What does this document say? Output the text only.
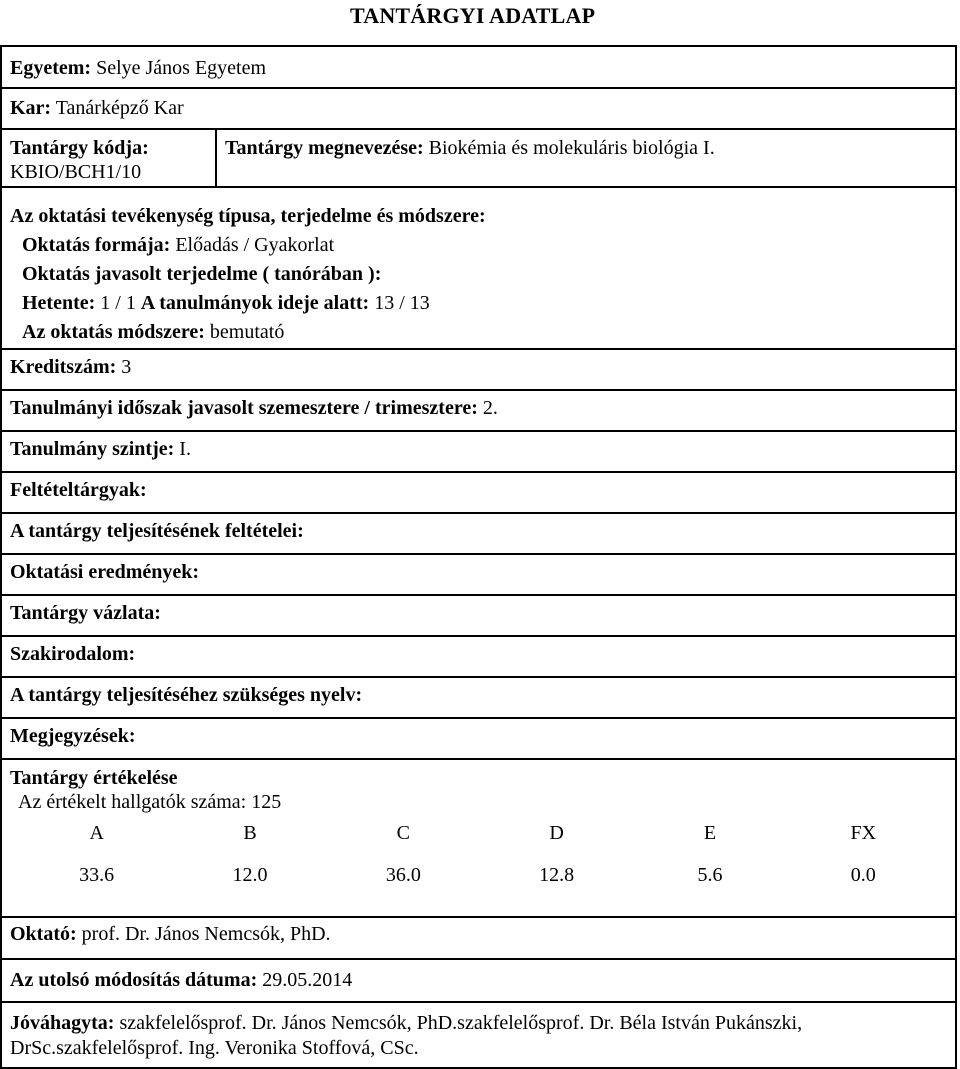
TANTÁRGYI ADATLAP
Egyetem: Selye János Egyetem
Kar: Tanárképző Kar
Tantárgy kódja:
KBIO/BCH1/10
Tantárgy megnevezése: Biokémia és molekuláris biológia I.
Az oktatási tevékenység típusa, terjedelme és módszere:
Oktatás formája: Előadás / Gyakorlat
Oktatás javasolt terjedelme ( tanórában ):
Hetente: 1 / 1 A tanulmányok ideje alatt: 13 / 13
Az oktatás módszere: bemutató
Kreditszám: 3
Tanulmányi időszak javasolt szemesztere / trimesztere: 2.
Tanulmány szintje: I.
Feltételtárgyak:
A tantárgy teljesítésének feltételei:
Oktatási eredmények:
Tantárgy vázlata:
Szakirodalom:
A tantárgy teljesítéséhez szükséges nyelv:
Megjegyzések:
Tantárgy értékelése
Az értékelt hallgatók száma: 125
A
33.6
B
12.0
C
36.0
D
12.8
E
5.6
FX
0.0
Oktató: prof. Dr. János Nemcsók, PhD.
Az utolsó módosítás dátuma: 29.05.2014
Jóváhagyta: szakfelelősprof. Dr. János Nemcsók, PhD.szakfelelősprof. Dr. Béla István Pukánszki, DrSc.szakfelelősprof. Ing. Veronika Stoffová, CSc.
